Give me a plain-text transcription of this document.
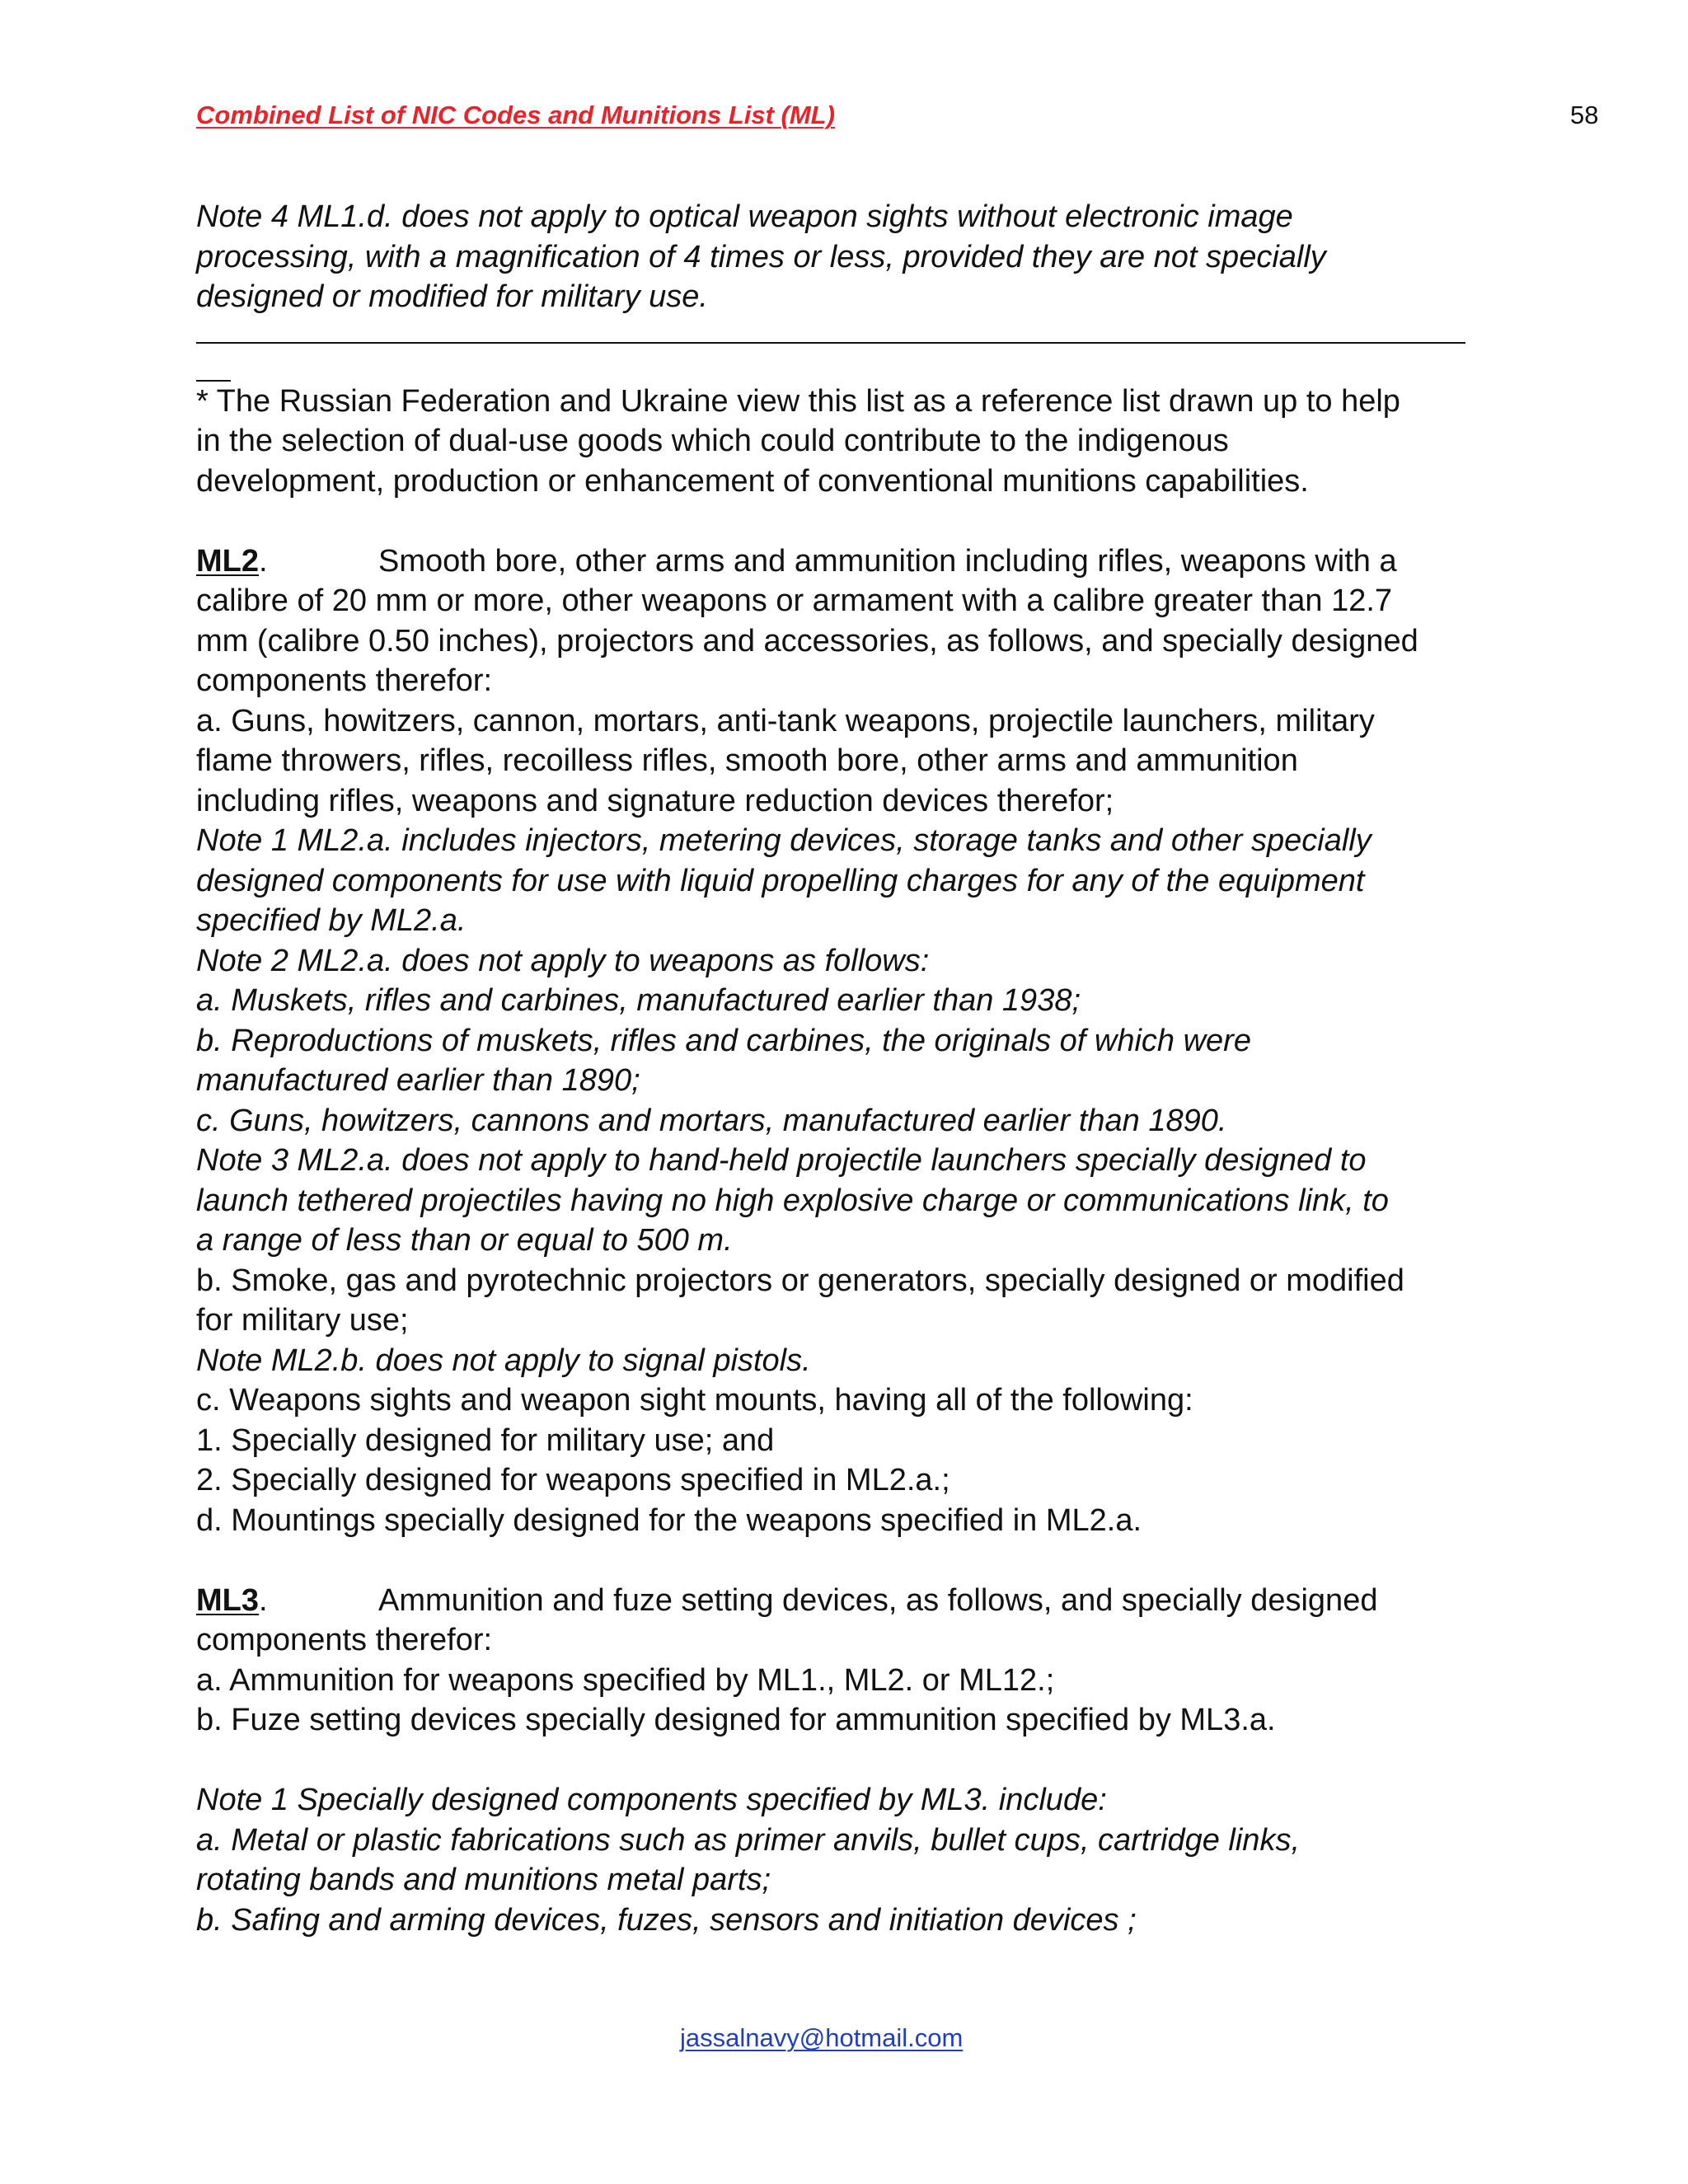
Combined List of NIC Codes and Munitions List (ML)	58
Note 4 ML1.d. does not apply to optical weapon sights without electronic image
processing, with a magnification of 4 times or less, provided they are not specially
designed or modified for military use.
* The Russian Federation and Ukraine view this list as a reference list drawn up to help
in the selection of dual-use goods which could contribute to the indigenous
development, production or enhancement of conventional munitions capabilities.
ML2.	Smooth bore, other arms and ammunition including rifles, weapons with a
calibre of 20 mm or more, other weapons or armament with a calibre greater than 12.7
mm (calibre 0.50 inches), projectors and accessories, as follows, and specially designed
components therefor:
a. Guns, howitzers, cannon, mortars, anti-tank weapons, projectile launchers, military
flame throwers, rifles, recoilless rifles, smooth bore, other arms and ammunition
including rifles, weapons and signature reduction devices therefor;
Note 1 ML2.a. includes injectors, metering devices, storage tanks and other specially
designed components for use with liquid propelling charges for any of the equipment
specified by ML2.a.
Note 2 ML2.a. does not apply to weapons as follows:
a. Muskets, rifles and carbines, manufactured earlier than 1938;
b. Reproductions of muskets, rifles and carbines, the originals of which were
manufactured earlier than 1890;
c. Guns, howitzers, cannons and mortars, manufactured earlier than 1890.
Note 3 ML2.a. does not apply to hand-held projectile launchers specially designed to
launch tethered projectiles having no high explosive charge or communications link, to
a range of less than or equal to 500 m.
b. Smoke, gas and pyrotechnic projectors or generators, specially designed or modified
for military use;
Note ML2.b. does not apply to signal pistols.
c. Weapons sights and weapon sight mounts, having all of the following:
1. Specially designed for military use; and
2. Specially designed for weapons specified in ML2.a.;
d. Mountings specially designed for the weapons specified in ML2.a.
ML3.	Ammunition and fuze setting devices, as follows, and specially designed
components therefor:
a. Ammunition for weapons specified by ML1., ML2. or ML12.;
b. Fuze setting devices specially designed for ammunition specified by ML3.a.
Note 1 Specially designed components specified by ML3. include:
a. Metal or plastic fabrications such as primer anvils, bullet cups, cartridge links,
rotating bands and munitions metal parts;
b. Safing and arming devices, fuzes, sensors and initiation devices ;
jassalnavy@hotmail.com
